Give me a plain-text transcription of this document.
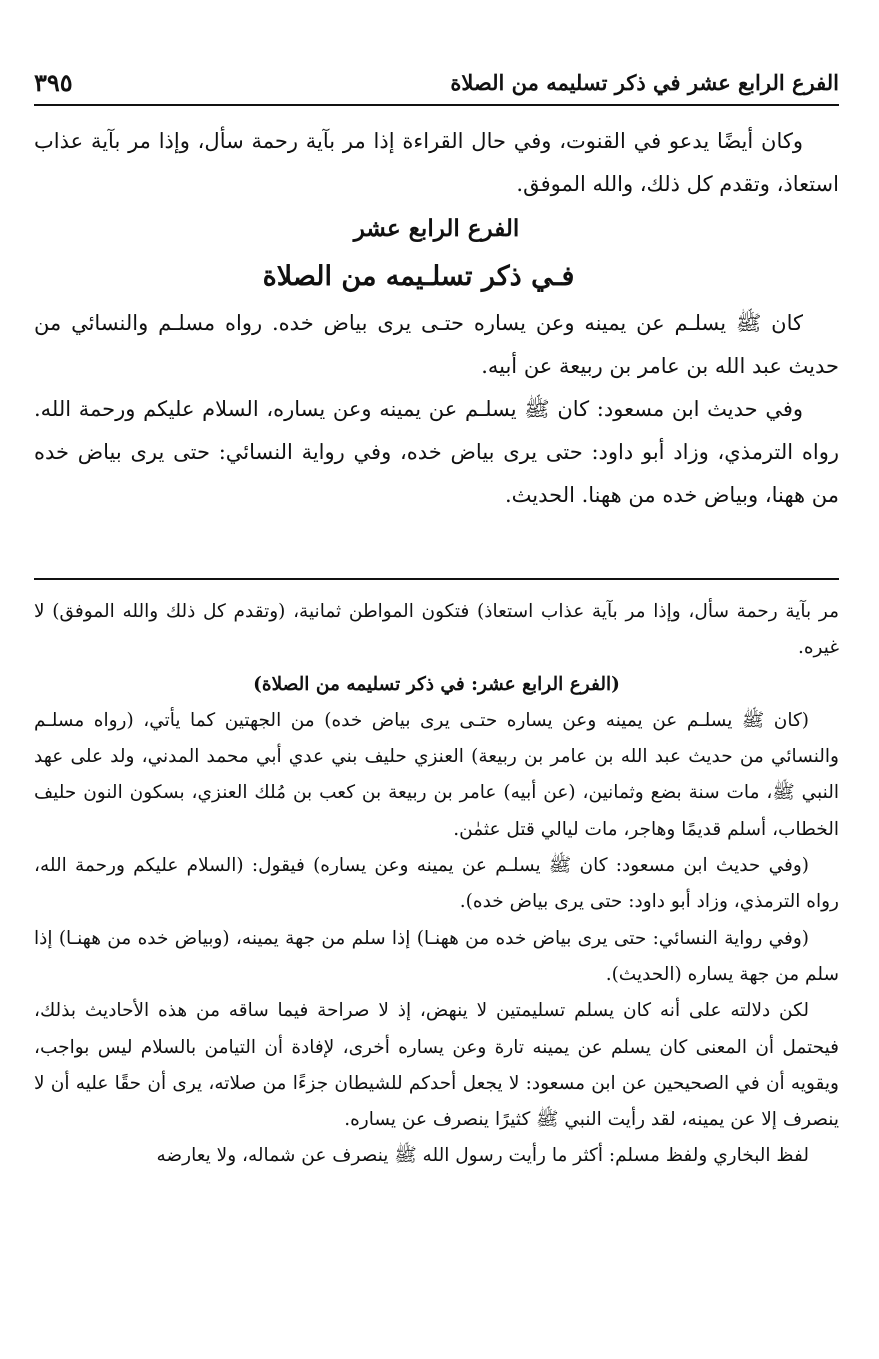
الفرع الرابع عشر في ذكر تسليمه من الصلاة
٣٩٥

وكان أيضًا يدعو في القنوت، وفي حال القراءة إذا مر بآية رحمة سأل، وإذا مر بآية عذاب استعاذ، وتقدم كل ذلك، والله الموفق.

الفرع الرابع عشر

فـي ذكر تسلـيمه من الصلاة

كان ﷺ يسلـم عن يمينه وعن يساره حتـى يرى بياض خده. رواه مسلـم والنسائي من حديث عبد الله بن عامر بن ربيعة عن أبيه.

وفي حديث ابن مسعود: كان ﷺ يسلـم عن يمينه وعن يساره، السلام عليكم ورحمة الله. رواه الترمذي، وزاد أبو داود: حتى يرى بياض خده، وفي رواية النسائي: حتى يرى بياض خده من ههنا، وبياض خده من ههنا. الحديث.

مر بآية رحمة سأل، وإذا مر بآية عذاب استعاذ) فتكون المواطن ثمانية، (وتقدم كل ذلك والله الموفق) لا غيره.

(الفرع الرابع عشر: في ذكر تسليمه من الصلاة)

(كان ﷺ يسلـم عن يمينه وعن يساره حتـى يرى بياض خده) من الجهتين كما يأتي، (رواه مسلـم والنسائي من حديث عبد الله بن عامر بن ربيعة) العنزي حليف بني عدي أبي محمد المدني، ولد على عهد النبي ﷺ، مات سنة بضع وثمانين، (عن أبيه) عامر بن ربيعة بن كعب بن مُلك العنزي، بسكون النون حليف الخطاب، أسلم قديمًا وهاجر، مات ليالي قتل عثمٰن.

(وفي حديث ابن مسعود: كان ﷺ يسلـم عن يمينه وعن يساره) فيقول: (السلام عليكم ورحمة الله، رواه الترمذي، وزاد أبو داود: حتى يرى بياض خده).

(وفي رواية النسائي: حتى يرى بياض خده من ههنـا) إذا سلم من جهة يمينه، (وبياض خده من ههنـا) إذا سلم من جهة يساره (الحديث).

لكن دلالته على أنه كان يسلم تسليمتين لا ينهض، إذ لا صراحة فيما ساقه من هذه الأحاديث بذلك، فيحتمل أن المعنى كان يسلم عن يمينه تارة وعن يساره أخرى، لإفادة أن التيامن بالسلام ليس بواجب، ويقويه أن في الصحيحين عن ابن مسعود: لا يجعل أحدكم للشيطان جزءًا من صلاته، يرى أن حقًا عليه أن لا ينصرف إلا عن يمينه، لقد رأيت النبي ﷺ كثيرًا ينصرف عن يساره.

لفظ البخاري ولفظ مسلم: أكثر ما رأيت رسول الله ﷺ ينصرف عن شماله، ولا يعارضه
